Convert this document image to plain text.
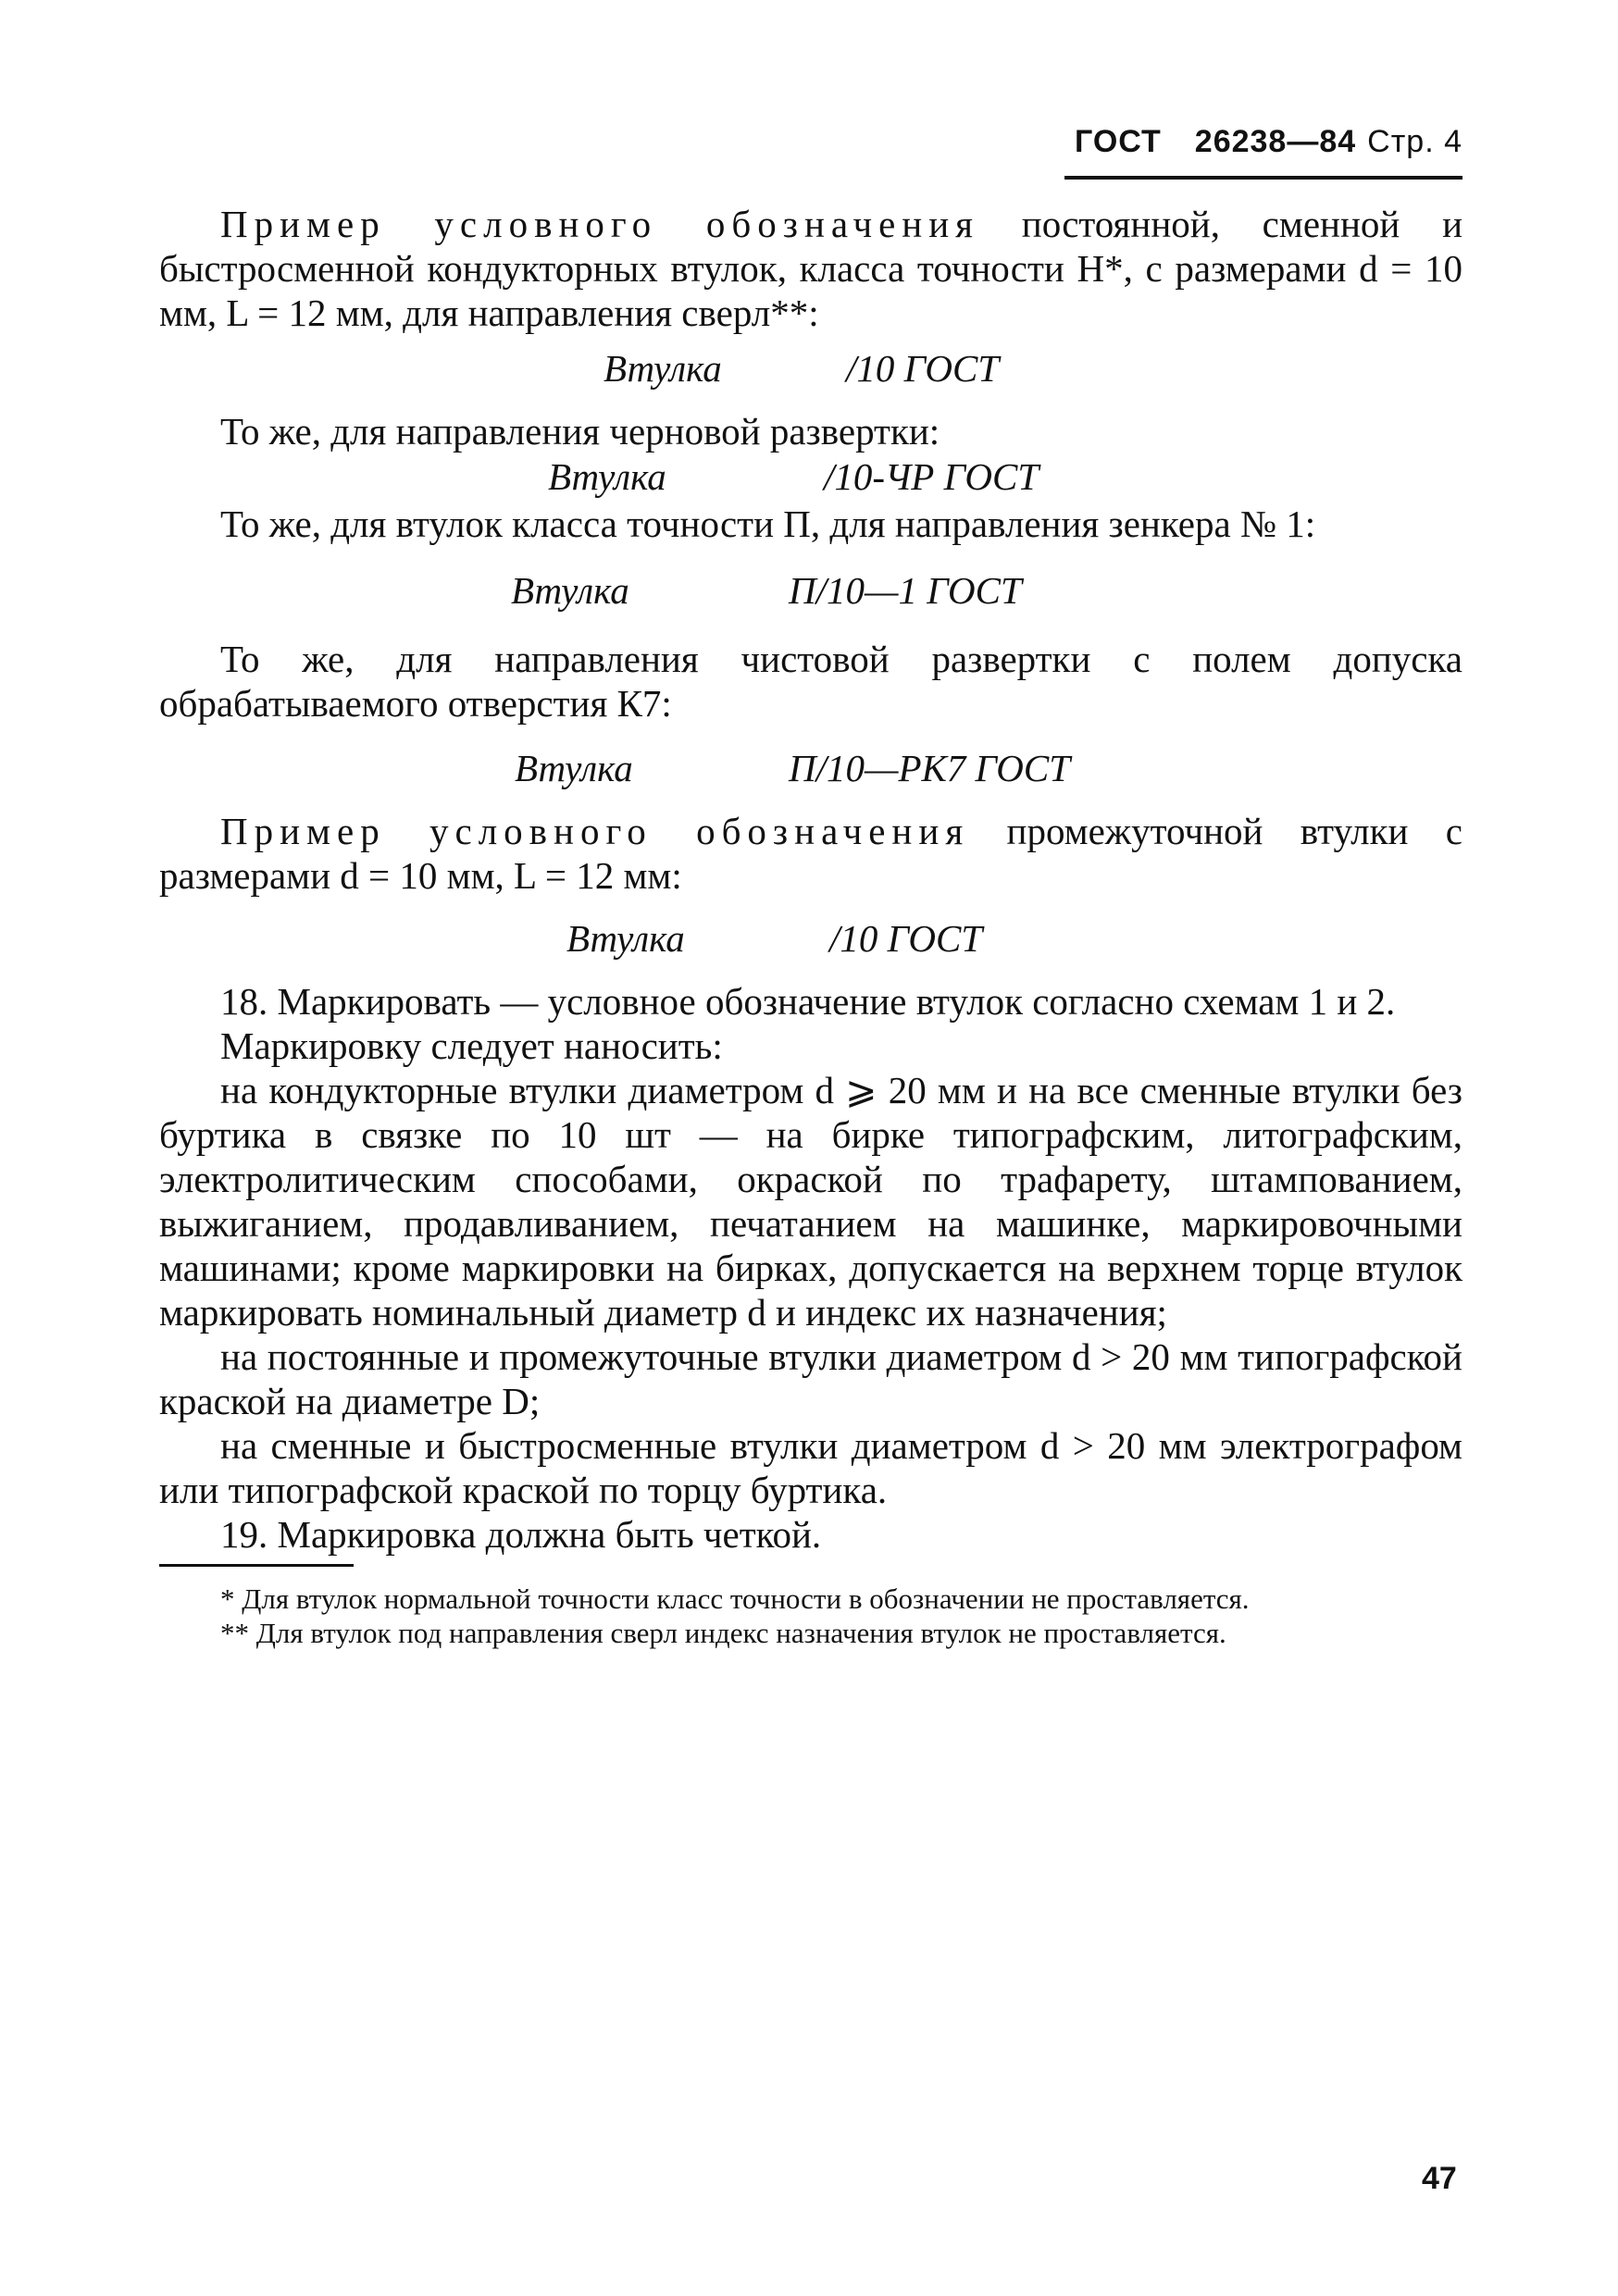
ГОСТ 26238—84 Стр. 4

Пример условного обозначения постоянной, сменной и быстросменной кондукторных втулок, класса точности Н*, с размерами d = 10 мм, L = 12 мм, для направления сверл**:

Втулка	/10 ГОСТ

То же, для направления черновой развертки:

Втулка	/10-ЧР ГОСТ

То же, для втулок класса точности П, для направления зенкера № 1:

Втулка	П/10—1 ГОСТ

То же, для направления чистовой развертки с полем допуска обрабатываемого отверстия К7:

Втулка	П/10—РК7 ГОСТ

Пример условного обозначения промежуточной втулки с размерами d = 10 мм, L = 12 мм:

Втулка	/10 ГОСТ

18. Маркировать — условное обозначение втулок согласно схемам 1 и 2.

Маркировку следует наносить:

на кондукторные втулки диаметром d ⩾ 20 мм и на все сменные втулки без буртика в связке по 10 шт — на бирке типографским, литографским, электролитическим способами, окраской по трафарету, штампованием, выжиганием, продавливанием, печатанием на машинке, маркировочными машинами; кроме маркировки на бирках, допускается на верхнем торце втулок маркировать номинальный диаметр d и индекс их назначения;

на постоянные и промежуточные втулки диаметром d > 20 мм типографской краской на диаметре D;

на сменные и быстросменные втулки диаметром d > 20 мм электрографом или типографской краской по торцу буртика.

19. Маркировка должна быть четкой.

* Для втулок нормальной точности класс точности в обозначении не проставляется.

** Для втулок под направления сверл индекс назначения втулок не проставляется.

47
